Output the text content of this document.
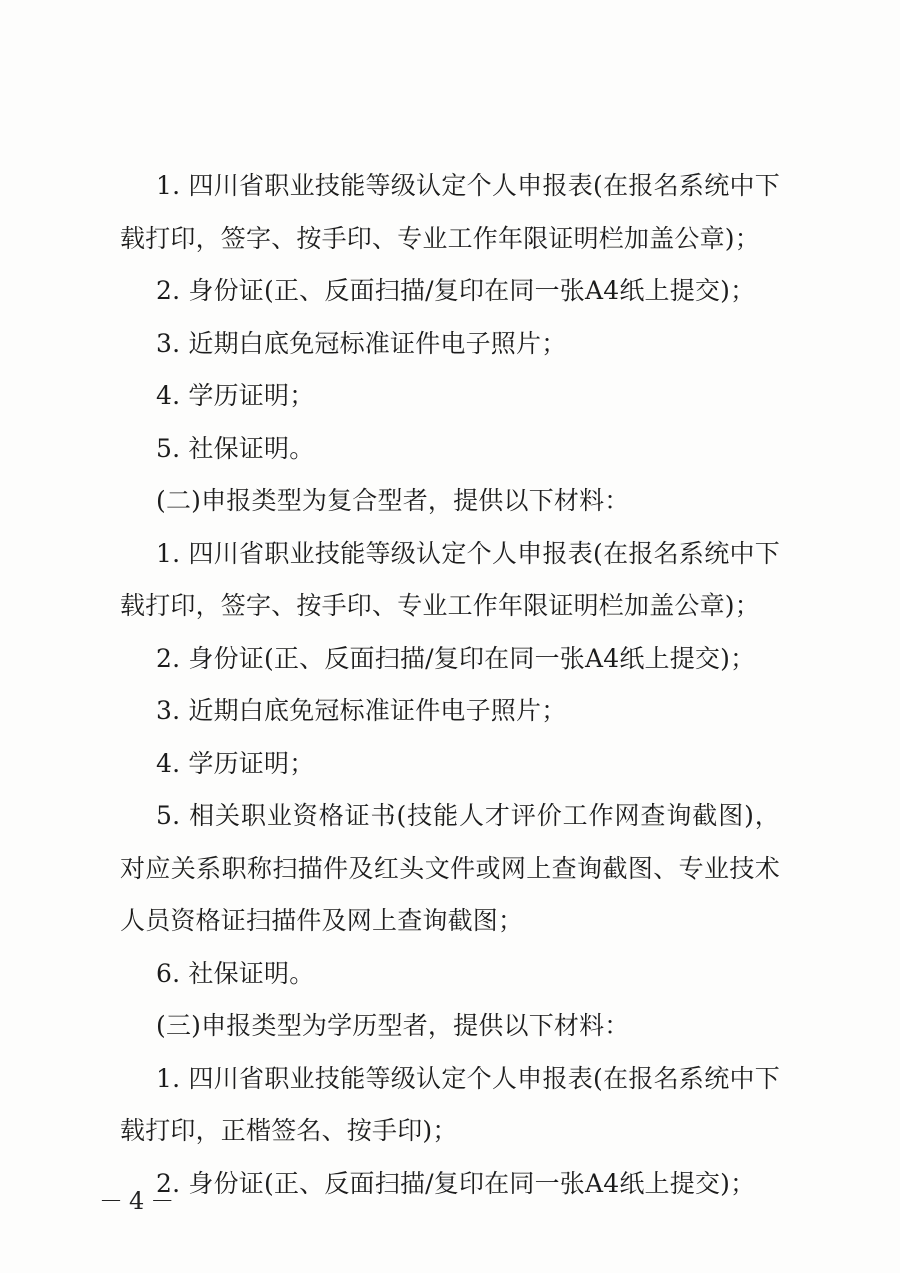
1. 四川省职业技能等级认定个人申报表(在报名系统中下载打印，签字、按手印、专业工作年限证明栏加盖公章)；

2. 身份证(正、反面扫描/复印在同一张A4纸上提交)；

3. 近期白底免冠标准证件电子照片；

4. 学历证明；

5. 社保证明。

(二)申报类型为复合型者，提供以下材料：

1. 四川省职业技能等级认定个人申报表(在报名系统中下载打印，签字、按手印、专业工作年限证明栏加盖公章)；

2. 身份证(正、反面扫描/复印在同一张A4纸上提交)；

3. 近期白底免冠标准证件电子照片；

4. 学历证明；

5. 相关职业资格证书(技能人才评价工作网查询截图)，对应关系职称扫描件及红头文件或网上查询截图、专业技术人员资格证扫描件及网上查询截图；

6. 社保证明。

(三)申报类型为学历型者，提供以下材料：

1. 四川省职业技能等级认定个人申报表(在报名系统中下载打印，正楷签名、按手印)；

2. 身份证(正、反面扫描/复印在同一张A4纸上提交)；

－4－
